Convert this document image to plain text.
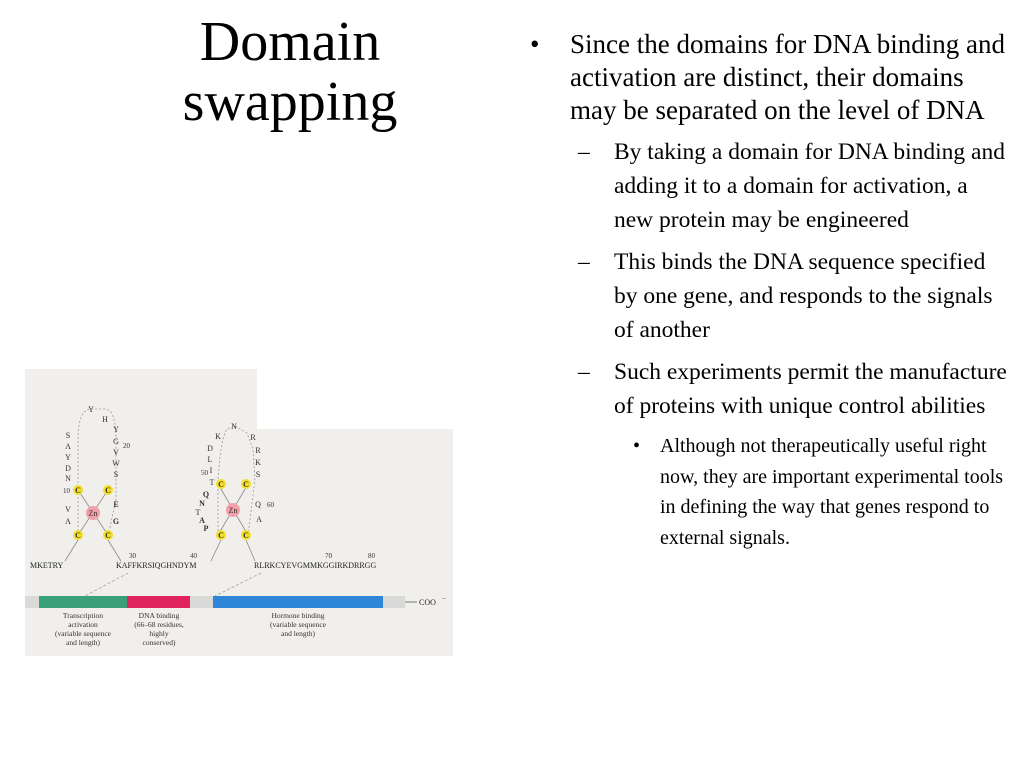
Domain
swapping
• Since the domains for DNA binding and activation are distinct, their domains may be separated on the level of DNA
– By taking a domain for DNA binding and adding it to a domain for activation, a new protein may be engineered
– This binds the DNA sequence specified by one gene, and responds to the signals of another
– Such experiments permit the manufacture of proteins with unique control abilities
• Although not therapeutically useful right now, they are important experimental tools in defining the way that genes respond to external signals.
Zn
C	C
C	C
Y
H
S
Y
A
G
Y
V
D
W
N	S
E
V
A	G
20
10
Zn
C C
C C
K
N
R
D
L
R
I
K
T
S
Q
N
T
A
P
Q
A
50
60
30	40	70	80
MKETRY	KAFFKRSIQGHNDYM	RLRKCYEVGMMKGGIRKDRRGG
COO −
Transcription
activation
(variable sequence
and length)
DNA binding
(66–68 residues,
highly
conserved)
Hormone binding
(variable sequence
and length)
